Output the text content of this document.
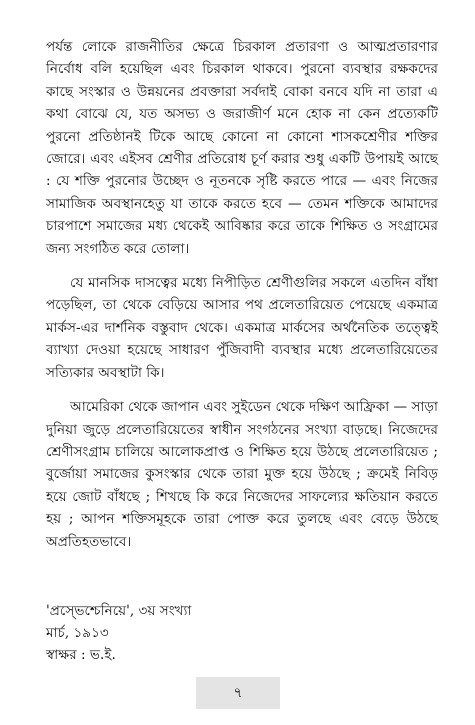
পর্যন্ত লোকে রাজনীতির ক্ষেত্রে চিরকাল প্রতারণা ও আত্মপ্রতারণার নির্বোধ বলি হয়েছিল এবং চিরকাল থাকবে। পুরনো ব্যবস্থার রক্ষকদের কাছে সংস্কার ও উন্নয়নের প্রবক্তারা সর্বদাই বোকা বনবে যদি না তারা এ কথা বোঝে যে, যত অসভ্য ও জরাজীর্ণ মনে হোক না কেন প্রত্যেকটি পুরনো প্রতিষ্ঠানই টিকে আছে কোনো না কোনো শাসকশ্রেণীর শক্তির জোরে। এবং এইসব শ্রেণীর প্রতিরোধ চূর্ণ করার শুধু একটি উপায়ই আছে : যে শক্তি পুরনোর উচ্ছেদ ও নূতনকে সৃষ্টি করতে পারে — এবং নিজের সামাজিক অবস্থানহেতু যা তাকে করতে হবে — তেমন শক্তিকে আমাদের চারপাশে সমাজের মধ্য থেকেই আবিষ্কার করে তাকে শিক্ষিত ও সংগ্রামের জন্য সংগঠিত করে তোলা।

যে মানসিক দাসত্বের মধ্যে নিপীড়িত শ্রেণীগুলির সকলে এতদিন বাঁধা পড়েছিল, তা থেকে বেড়িয়ে আসার পথ প্রলেতারিয়েত পেয়েছে একমাত্র মার্কস-এর দার্শনিক বস্তুবাদ থেকে। একমাত্র মার্কসের অর্থনৈতিক তত্ত্বেই ব্যাখ্যা দেওয়া হয়েছে সাধারণ পুঁজিবাদী ব্যবস্থার মধ্যে প্রলেতারিয়েতের সত্যিকার অবস্থাটা কি।

আমেরিকা থেকে জাপান এবং সুইডেন থেকে দক্ষিণ আফ্রিকা — সাড়া দুনিয়া জুড়ে প্রলেতারিয়েতের স্বাধীন সংগঠনের সংখ্যা বাড়ছে। নিজেদের শ্রেণীসংগ্রাম চালিয়ে আলোকপ্রাপ্ত ও শিক্ষিত হয়ে উঠছে প্রলেতারিয়েত ; বুর্জোয়া সমাজের কুসংস্কার থেকে তারা মুক্ত হয়ে উঠছে ; ক্রমেই নিবিড় হয়ে জোট বাঁধছে ; শিখছে কি করে নিজেদের সাফল্যের ক্ষতিয়ান করতে হয় ; আপন শক্তিসমূহকে তারা পোক্ত করে তুলছে এবং বেড়ে উঠছে অপ্রতিহতভাবে।

'প্রস্ভেশ্চেনিয়ে', ৩য় সংখ্যা
মার্চ, ১৯১৩
স্বাক্ষর : ভ.ই.
৭
